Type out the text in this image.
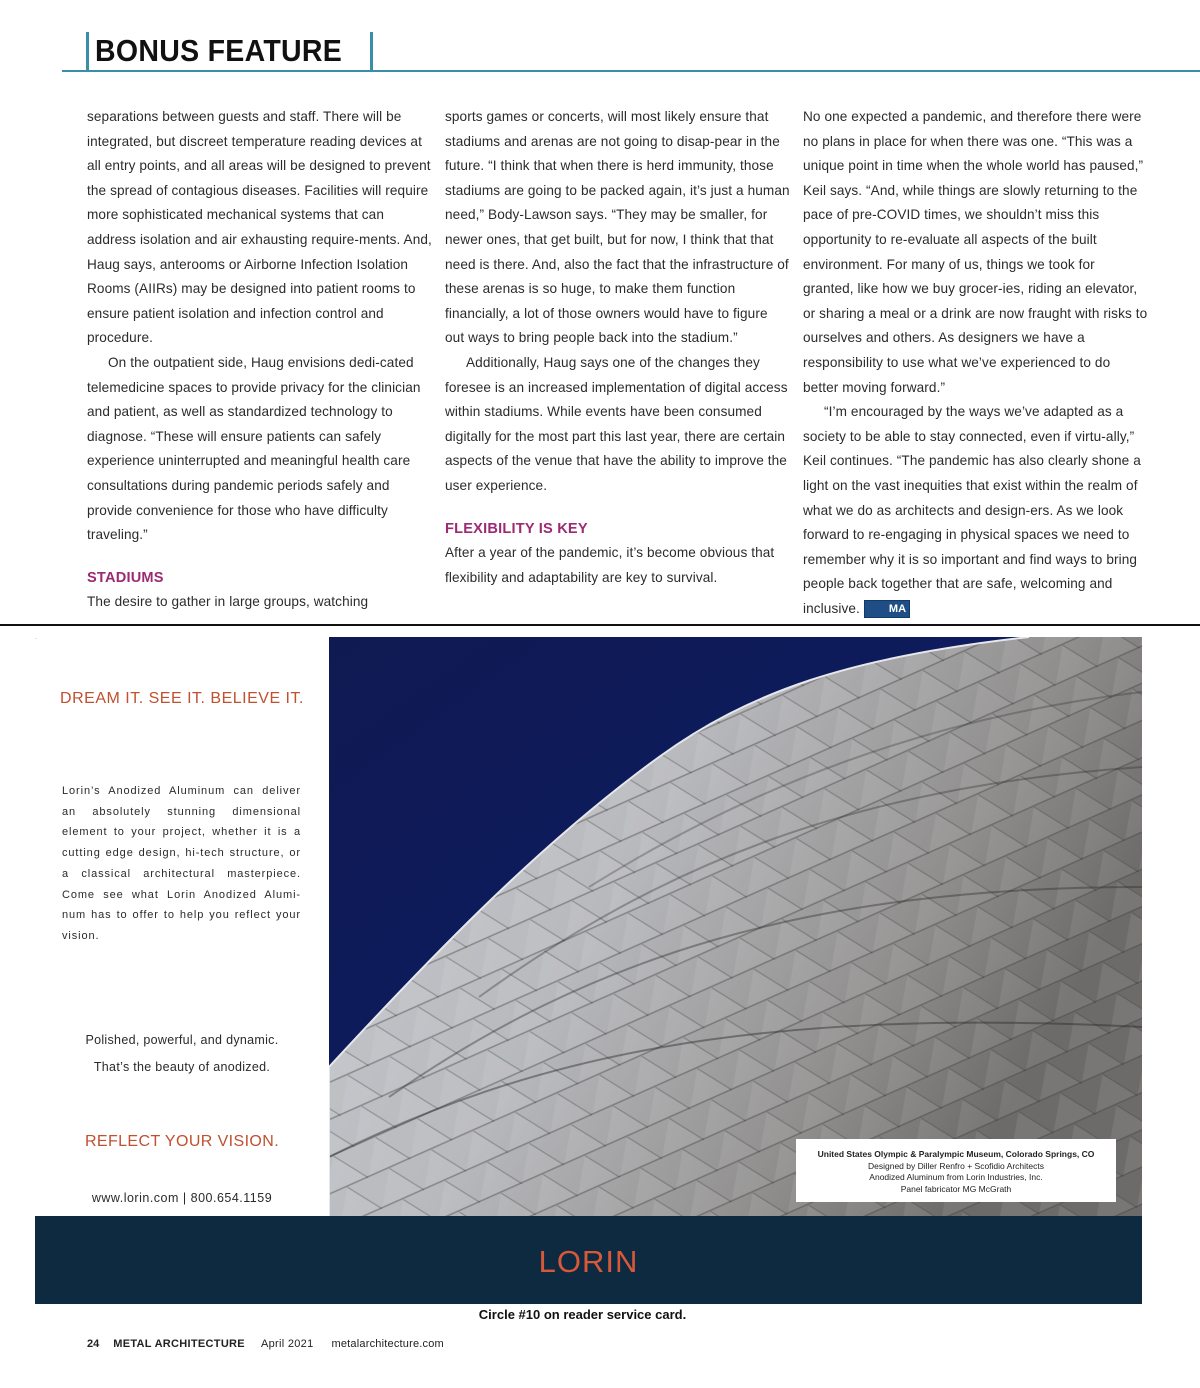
BONUS FEATURE

separations between guests and staff. There will be integrated, but discreet temperature reading devices at all entry points, and all areas will be designed to prevent the spread of contagious diseases. Facilities will require more sophisticated mechanical systems that can address isolation and air exhausting require-ments. And, Haug says, anterooms or Airborne Infection Isolation Rooms (AIIRs) may be designed into patient rooms to ensure patient isolation and infection control and procedure.

On the outpatient side, Haug envisions dedi-cated telemedicine spaces to provide privacy for the clinician and patient, as well as standardized technology to diagnose. “These will ensure patients can safely experience uninterrupted and meaningful health care consultations during pandemic periods safely and provide convenience for those who have difficulty traveling.”

STADIUMS

The desire to gather in large groups, watching

sports games or concerts, will most likely ensure that stadiums and arenas are not going to disap-pear in the future. “I think that when there is herd immunity, those stadiums are going to be packed again, it’s just a human need,” Body-Lawson says. “They may be smaller, for newer ones, that get built, but for now, I think that that need is there. And, also the fact that the infrastructure of these arenas is so huge, to make them function financially, a lot of those owners would have to figure out ways to bring people back into the stadium.”

Additionally, Haug says one of the changes they foresee is an increased implementation of digital access within stadiums. While events have been consumed digitally for the most part this last year, there are certain aspects of the venue that have the ability to improve the user experience.

FLEXIBILITY IS KEY

After a year of the pandemic, it’s become obvious that flexibility and adaptability are key to survival.

No one expected a pandemic, and therefore there were no plans in place for when there was one. “This was a unique point in time when the whole world has paused,” Keil says. “And, while things are slowly returning to the pace of pre-COVID times, we shouldn’t miss this opportunity to re-evaluate all aspects of the built environment. For many of us, things we took for granted, like how we buy grocer-ies, riding an elevator, or sharing a meal or a drink are now fraught with risks to ourselves and others. As designers we have a responsibility to use what we’ve experienced to do better moving forward.”

“I’m encouraged by the ways we’ve adapted as a society to be able to stay connected, even if virtu-ally,” Keil continues. “The pandemic has also clearly shone a light on the vast inequities that exist within the realm of what we do as architects and design-ers. As we look forward to re-engaging in physical spaces we need to remember why it is so important and find ways to bring people back together that are safe, welcoming and inclusive.	MA

·
DREAM IT. SEE IT. BELIEVE IT.
Lorin’s Anodized Aluminum can deliver an absolutely stunning dimensional element to your project, whether it is a cutting edge design, hi-tech structure, or a classical architectural masterpiece. Come see what Lorin Anodized Alumi-num has to offer to help you reflect your vision.
Polished, powerful, and dynamic.
That’s the beauty of anodized.
REFLECT YOUR VISION.
www.lorin.com | 800.654.1159
United States Olympic & Paralympic Museum, Colorado Springs, CO
Designed by Diller Renfro + Scofidio Architects
Anodized Aluminum from Lorin Industries, Inc.
Panel fabricator MG McGrath
LORIN
Circle #10 on reader service card.
24 METAL ARCHITECTURE April 2021 metalarchitecture.com
